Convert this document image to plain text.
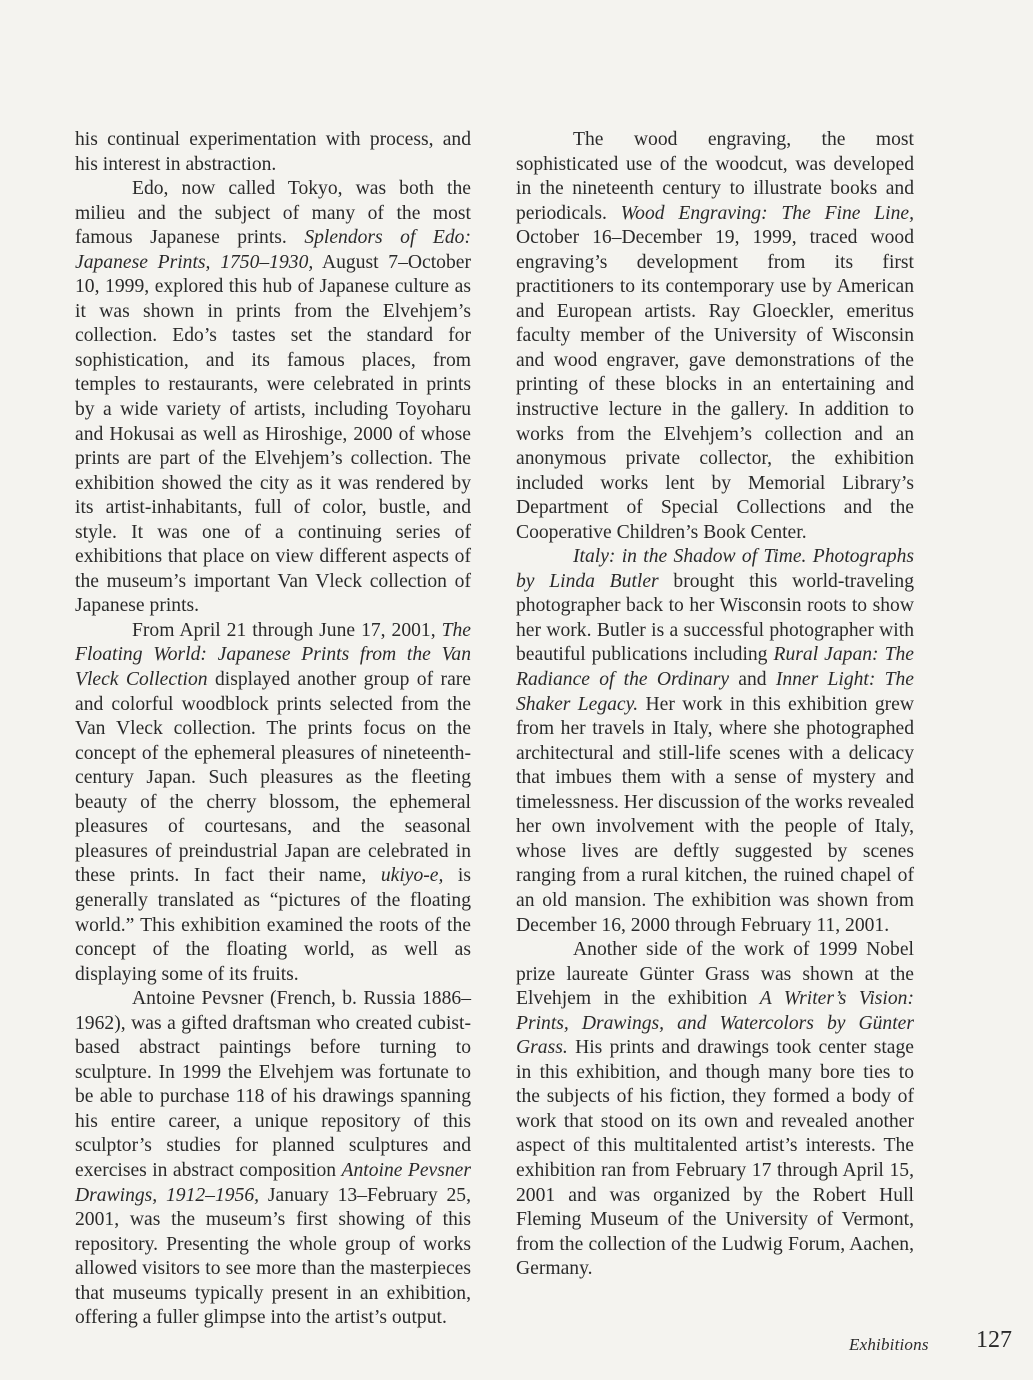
his continual experimentation with process, and his interest in abstraction.

Edo, now called Tokyo, was both the milieu and the subject of many of the most famous Japanese prints. Splendors of Edo: Japanese Prints, 1750–1930, August 7–October 10, 1999, explored this hub of Japanese culture as it was shown in prints from the Elvehjem’s collection. Edo’s tastes set the standard for sophistication, and its famous places, from temples to restaurants, were celebrated in prints by a wide variety of artists, including Toyoharu and Hokusai as well as Hiroshige, 2000 of whose prints are part of the Elvehjem’s collection. The exhibition showed the city as it was rendered by its artist-inhabitants, full of color, bustle, and style. It was one of a continuing series of exhibitions that place on view different aspects of the museum’s important Van Vleck collection of Japanese prints.

From April 21 through June 17, 2001, The Floating World: Japanese Prints from the Van Vleck Collection displayed another group of rare and colorful woodblock prints selected from the Van Vleck collection. The prints focus on the concept of the ephemeral pleasures of nineteenth-century Japan. Such pleasures as the fleeting beauty of the cherry blossom, the ephemeral pleasures of courtesans, and the seasonal pleasures of preindustrial Japan are celebrated in these prints. In fact their name, ukiyo-e, is generally translated as “pictures of the floating world.” This exhibition examined the roots of the concept of the floating world, as well as displaying some of its fruits.

Antoine Pevsner (French, b. Russia 1886–1962), was a gifted draftsman who created cubist-based abstract paintings before turning to sculpture. In 1999 the Elvehjem was fortunate to be able to purchase 118 of his drawings spanning his entire career, a unique repository of this sculptor’s studies for planned sculptures and exercises in abstract composition Antoine Pevsner Drawings, 1912–1956, January 13–February 25, 2001, was the museum’s first showing of this repository. Presenting the whole group of works allowed visitors to see more than the masterpieces that museums typically present in an exhibition, offering a fuller glimpse into the artist’s output.

The wood engraving, the most sophisticated use of the woodcut, was developed in the nineteenth century to illustrate books and periodicals. Wood Engraving: The Fine Line, October 16–December 19, 1999, traced wood engraving’s development from its first practitioners to its contemporary use by American and European artists. Ray Gloeckler, emeritus faculty member of the University of Wisconsin and wood engraver, gave demonstrations of the printing of these blocks in an entertaining and instructive lecture in the gallery. In addition to works from the Elvehjem’s collection and an anonymous private collector, the exhibition included works lent by Memorial Library’s Department of Special Collections and the Cooperative Children’s Book Center.

Italy: in the Shadow of Time. Photographs by Linda Butler brought this world-traveling photographer back to her Wisconsin roots to show her work. Butler is a successful photographer with beautiful publications including Rural Japan: The Radiance of the Ordinary and Inner Light: The Shaker Legacy. Her work in this exhibition grew from her travels in Italy, where she photographed architectural and still-life scenes with a delicacy that imbues them with a sense of mystery and timelessness. Her discussion of the works revealed her own involvement with the people of Italy, whose lives are deftly suggested by scenes ranging from a rural kitchen, the ruined chapel of an old mansion. The exhibition was shown from December 16, 2000 through February 11, 2001.

Another side of the work of 1999 Nobel prize laureate Günter Grass was shown at the Elvehjem in the exhibition A Writer’s Vision: Prints, Drawings, and Watercolors by Günter Grass. His prints and drawings took center stage in this exhibition, and though many bore ties to the subjects of his fiction, they formed a body of work that stood on its own and revealed another aspect of this multitalented artist’s interests. The exhibition ran from February 17 through April 15, 2001 and was organized by the Robert Hull Fleming Museum of the University of Vermont, from the collection of the Ludwig Forum, Aachen, Germany.

Exhibitions 127
